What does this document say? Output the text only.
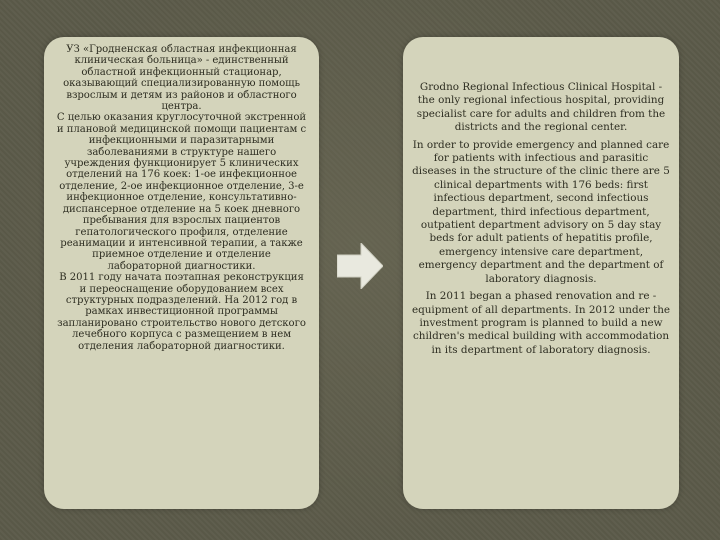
УЗ «Гродненская областная инфекционная клиническая больница» - единственный областной инфекционный стационар, оказывающий специализированную помощь взрослым и детям из районов и областного центра.

С целью оказания круглосуточной экстренной и плановой медицинской помощи пациентам с инфекционными и паразитарными заболеваниями в структуре нашего учреждения функционирует 5 клинических отделений на 176 коек: 1-ое инфекционное отделение, 2-ое инфекционное отделение, 3-е инфекционное отделение, консультативно-диспансерное отделение на 5 коек дневного пребывания для взрослых пациентов гепатологического профиля, отделение реанимации и интенсивной терапии, а также приемное отделение и отделение лабораторной диагностики.

В 2011 году начата поэтапная реконструкция и переоснащение оборудованием всех структурных подразделений. На 2012 год в рамках инвестиционной программы запланировано строительство нового детского лечебного корпуса с размещением в нем отделения лабораторной диагностики.

Grodno Regional Infectious Clinical Hospital - the only regional infectious hospital, providing specialist care for adults and children from the districts and the regional center.

In order to provide emergency and planned care for patients with infectious and parasitic diseases in the structure of the clinic there are 5 clinical departments with 176 beds: first infectious department, second infectious department, third infectious department, outpatient department advisory on 5 day stay beds for adult patients of hepatitis profile, emergency intensive care department, emergency department and the department of laboratory diagnosis.

In 2011 began a phased renovation and re -equipment of all departments. In 2012 under the investment program is planned to build a new children's medical building with accommodation in its department of laboratory diagnosis.
